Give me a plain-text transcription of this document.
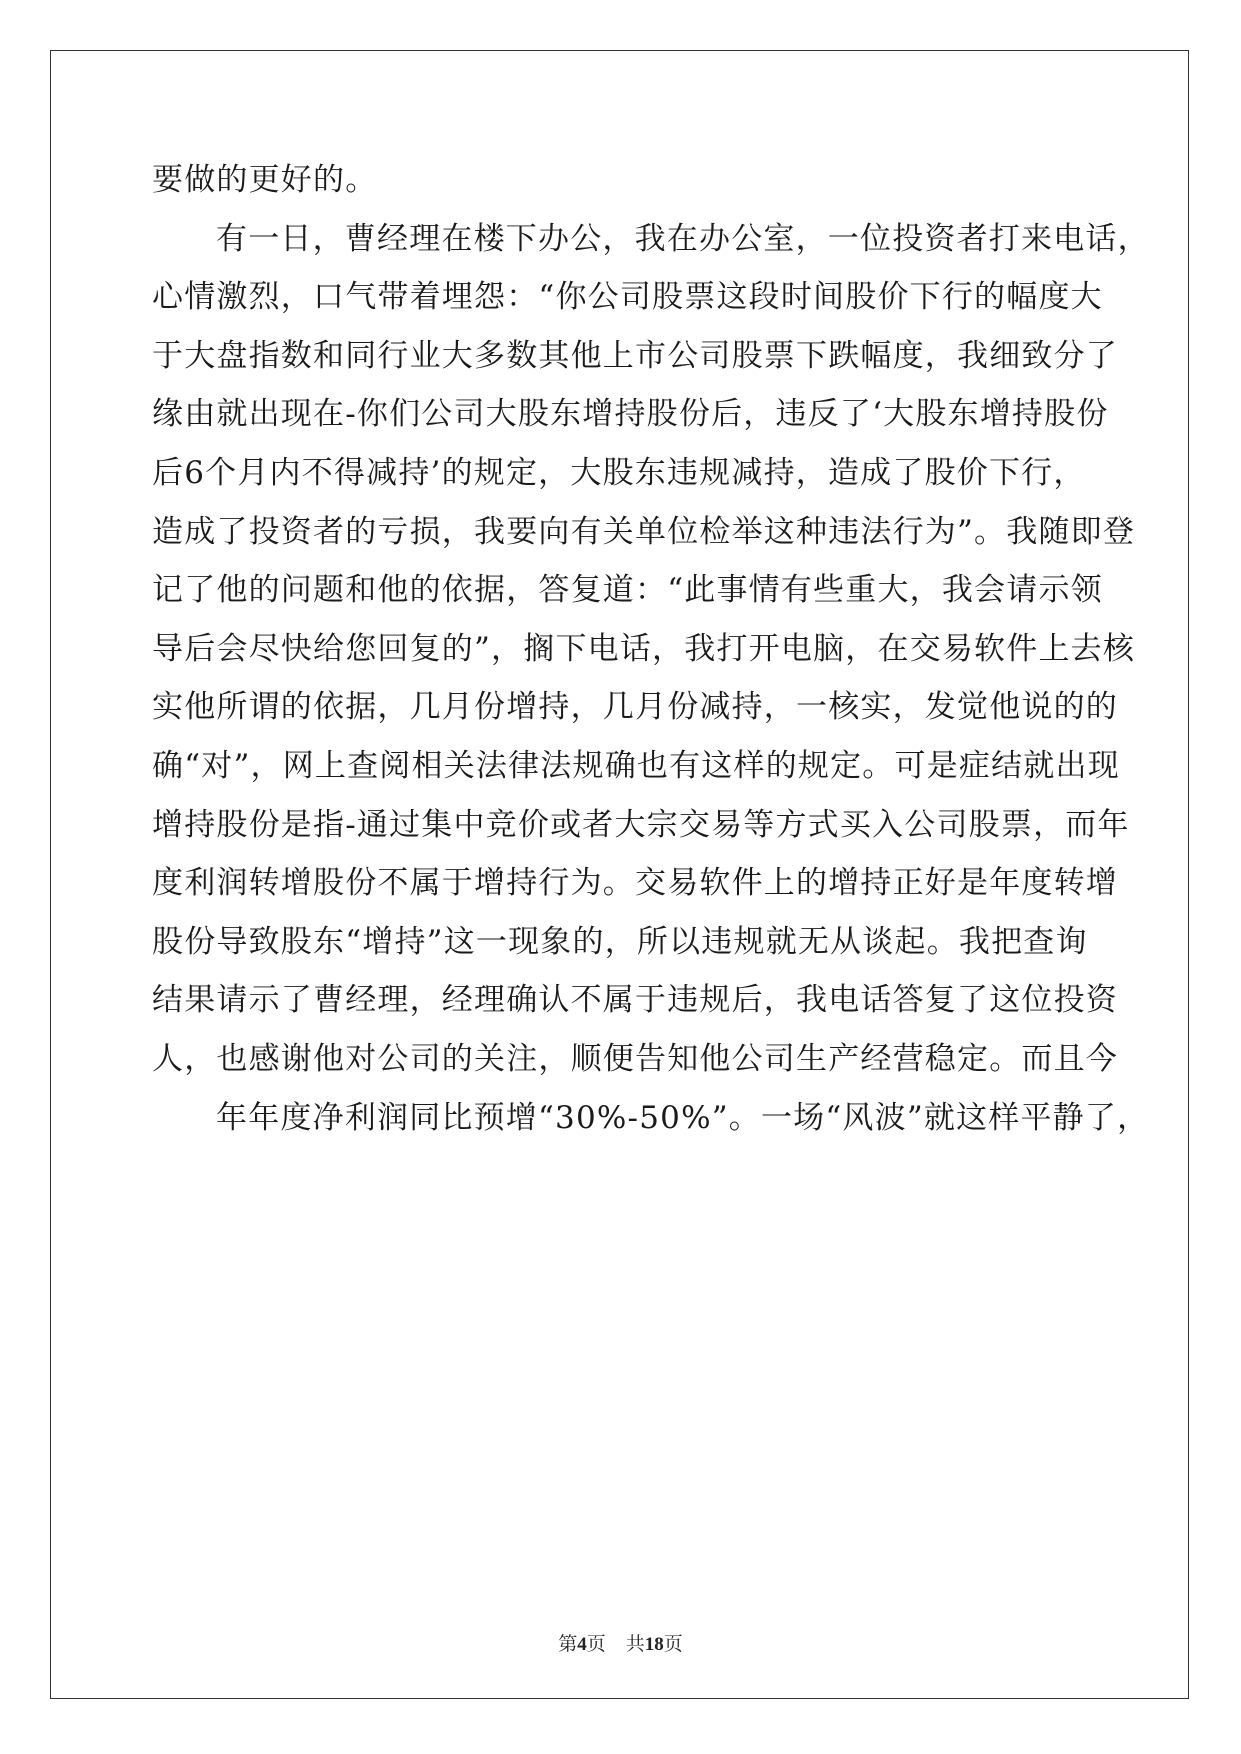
要做的更好的。
有一日，曹经理在楼下办公，我在办公室，一位投资者打来电话，
心情激烈，口气带着埋怨：“你公司股票这段时间股价下行的幅度大
于大盘指数和同行业大多数其他上市公司股票下跌幅度，我细致分了
缘由就出现在-你们公司大股东增持股份后，违反了‘大股东增持股份
后6个月内不得减持’的规定，大股东违规减持，造成了股价下行，
造成了投资者的亏损，我要向有关单位检举这种违法行为”。我随即登
记了他的问题和他的依据，答复道：“此事情有些重大，我会请示领
导后会尽快给您回复的”，搁下电话，我打开电脑，在交易软件上去核
实他所谓的依据，几月份增持，几月份减持，一核实，发觉他说的的
确“对”，网上查阅相关法律法规确也有这样的规定。可是症结就出现
增持股份是指-通过集中竞价或者大宗交易等方式买入公司股票，而年
度利润转增股份不属于增持行为。交易软件上的增持正好是年度转增
股份导致股东“增持”这一现象的，所以违规就无从谈起。我把查询
结果请示了曹经理，经理确认不属于违规后，我电话答复了这位投资
人，也感谢他对公司的关注，顺便告知他公司生产经营稳定。而且今
年年度净利润同比预增“30%-50%”。一场“风波”就这样平静了，
第4页 共18页
